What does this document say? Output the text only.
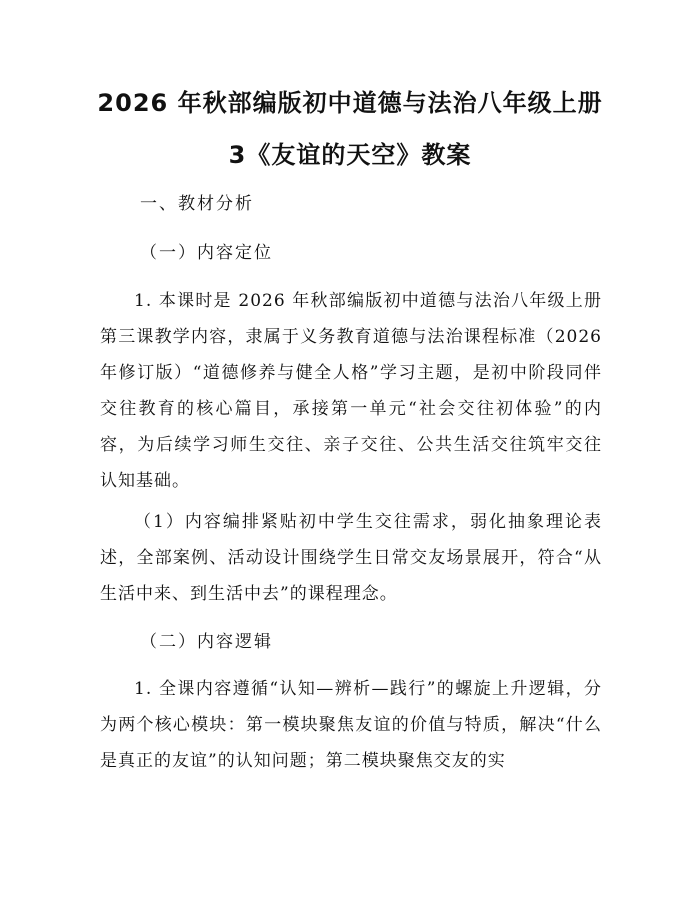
2026 年秋部编版初中道德与法治八年级上册
3《友谊的天空》教案

一、教材分析

（一）内容定位

1. 本课时是 2026 年秋部编版初中道德与法治八年级上册第三课教学内容，隶属于义务教育道德与法治课程标准（2026 年修订版）“道德修养与健全人格”学习主题，是初中阶段同伴交往教育的核心篇目，承接第一单元“社会交往初体验”的内容，为后续学习师生交往、亲子交往、公共生活交往筑牢交往认知基础。

（1）内容编排紧贴初中学生交往需求，弱化抽象理论表述，全部案例、活动设计围绕学生日常交友场景展开，符合“从生活中来、到生活中去”的课程理念。

（二）内容逻辑

1. 全课内容遵循“认知—辨析—践行”的螺旋上升逻辑，分为两个核心模块：第一模块聚焦友谊的价值与特质，解决“什么是真正的友谊”的认知问题；第二模块聚焦交友的实
